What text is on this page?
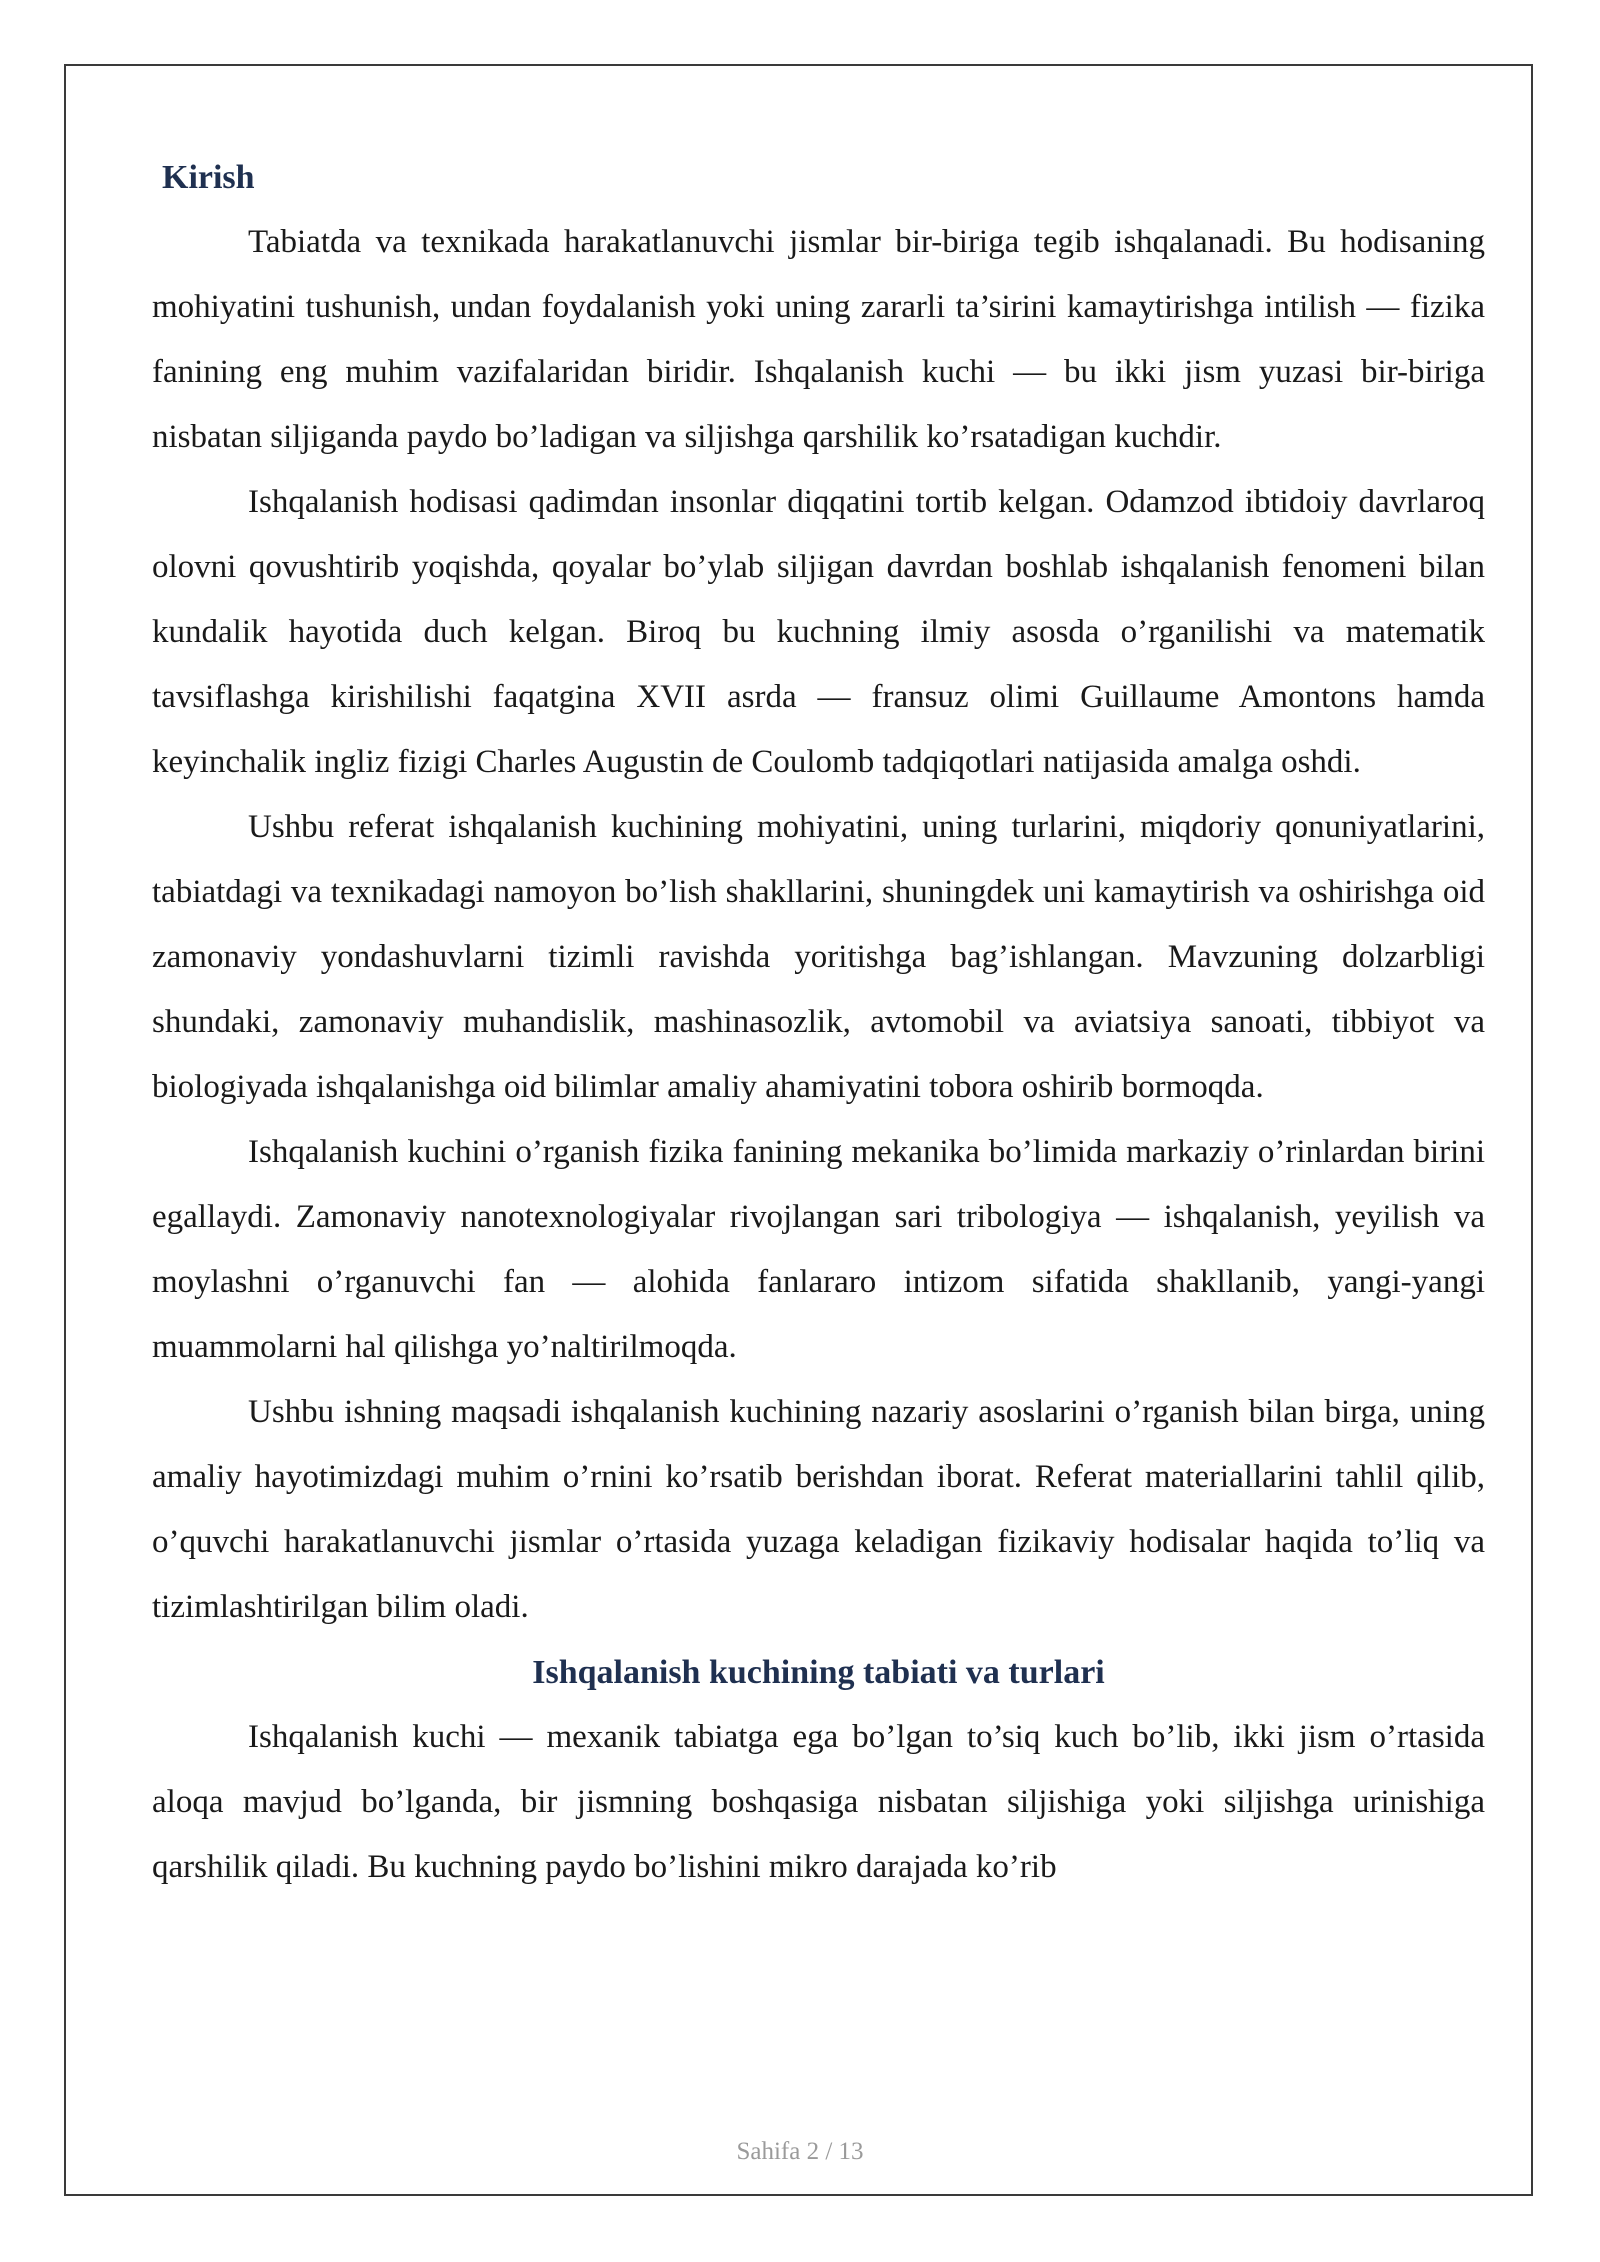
Kirish

Tabiatda va texnikada harakatlanuvchi jismlar bir-biriga tegib ishqalanadi. Bu hodisaning mohiyatini tushunish, undan foydalanish yoki uning zararli ta’sirini kamaytirishga intilish — fizika fanining eng muhim vazifalaridan biridir. Ishqalanish kuchi — bu ikki jism yuzasi bir-biriga nisbatan siljiganda paydo bo’ladigan va siljishga qarshilik ko’rsatadigan kuchdir.

Ishqalanish hodisasi qadimdan insonlar diqqatini tortib kelgan. Odamzod ibtidoiy davrlaroq olovni qovushtirib yoqishda, qoyalar bo’ylab siljigan davrdan boshlab ishqalanish fenomeni bilan kundalik hayotida duch kelgan. Biroq bu kuchning ilmiy asosda o’rganilishi va matematik tavsiflashga kirishilishi faqatgina XVII asrda — fransuz olimi Guillaume Amontons hamda keyinchalik ingliz fizigi Charles Augustin de Coulomb tadqiqotlari natijasida amalga oshdi.

Ushbu referat ishqalanish kuchining mohiyatini, uning turlarini, miqdoriy qonuniyatlarini, tabiatdagi va texnikadagi namoyon bo’lish shakllarini, shuningdek uni kamaytirish va oshirishga oid zamonaviy yondashuvlarni tizimli ravishda yoritishga bag’ishlangan. Mavzuning dolzarbligi shundaki, zamonaviy muhandislik, mashinasozlik, avtomobil va aviatsiya sanoati, tibbiyot va biologiyada ishqalanishga oid bilimlar amaliy ahamiyatini tobora oshirib bormoqda.

Ishqalanish kuchini o’rganish fizika fanining mekanika bo’limida markaziy o’rinlardan birini egallaydi. Zamonaviy nanotexnologiyalar rivojlangan sari tribologiya — ishqalanish, yeyilish va moylashni o’rganuvchi fan — alohida fanlararo intizom sifatida shakllanib, yangi-yangi muammolarni hal qilishga yo’naltirilmoqda.

Ushbu ishning maqsadi ishqalanish kuchining nazariy asoslarini o’rganish bilan birga, uning amaliy hayotimizdagi muhim o’rnini ko’rsatib berishdan iborat. Referat materiallarini tahlil qilib, o’quvchi harakatlanuvchi jismlar o’rtasida yuzaga keladigan fizikaviy hodisalar haqida to’liq va tizimlashtirilgan bilim oladi.

Ishqalanish kuchining tabiati va turlari

Ishqalanish kuchi — mexanik tabiatga ega bo’lgan to’siq kuch bo’lib, ikki jism o’rtasida aloqa mavjud bo’lganda, bir jismning boshqasiga nisbatan siljishiga yoki siljishga urinishiga qarshilik qiladi. Bu kuchning paydo bo’lishini mikro darajada ko’rib

Sahifa 2 / 13
